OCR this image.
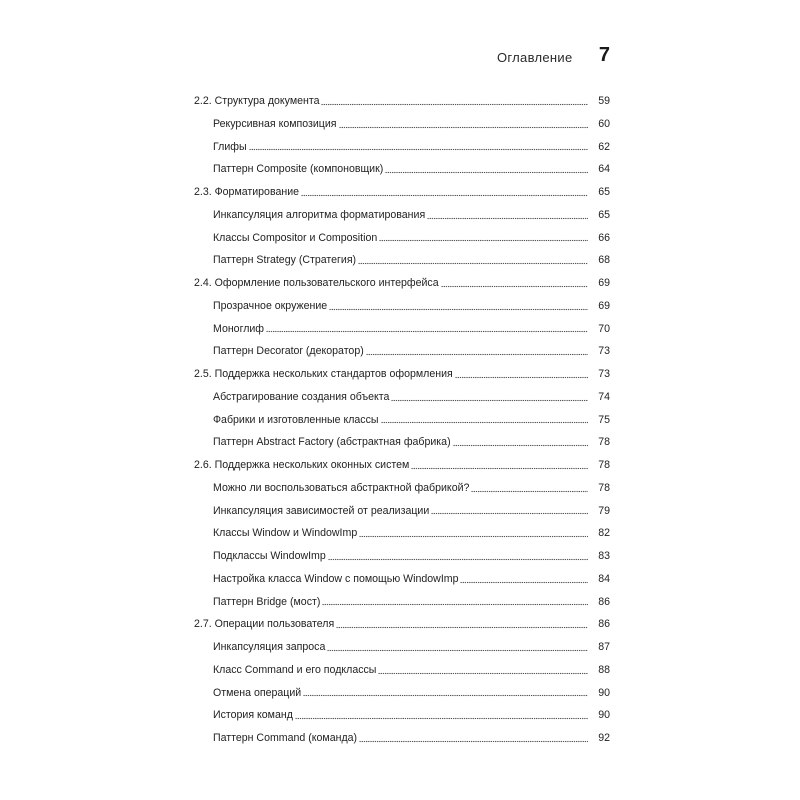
Оглавление 7
2.2. Структура документа	59
Рекурсивная композиция	60
Глифы	62
Паттерн Composite (компоновщик)	64
2.3. Форматирование	65
Инкапсуляция алгоритма форматирования	65
Классы Compositor и Composition	66
Паттерн Strategy (Стратегия)	68
2.4. Оформление пользовательского интерфейса	69
Прозрачное окружение	69
Моноглиф	70
Паттерн Decorator (декоратор)	73
2.5. Поддержка нескольких стандартов оформления	73
Абстрагирование создания объекта	74
Фабрики и изготовленные классы	75
Паттерн Abstract Factory (абстрактная фабрика)	78
2.6. Поддержка нескольких оконных систем	78
Можно ли воспользоваться абстрактной фабрикой?	78
Инкапсуляция зависимостей от реализации	79
Классы Window и WindowImp	82
Подклассы WindowImp	83
Настройка класса Window с помощью WindowImp	84
Паттерн Bridge (мост)	86
2.7. Операции пользователя	86
Инкапсуляция запроса	87
Класс Command и его подклассы	88
Отмена операций	90
История команд	90
Паттерн Command (команда)	92
